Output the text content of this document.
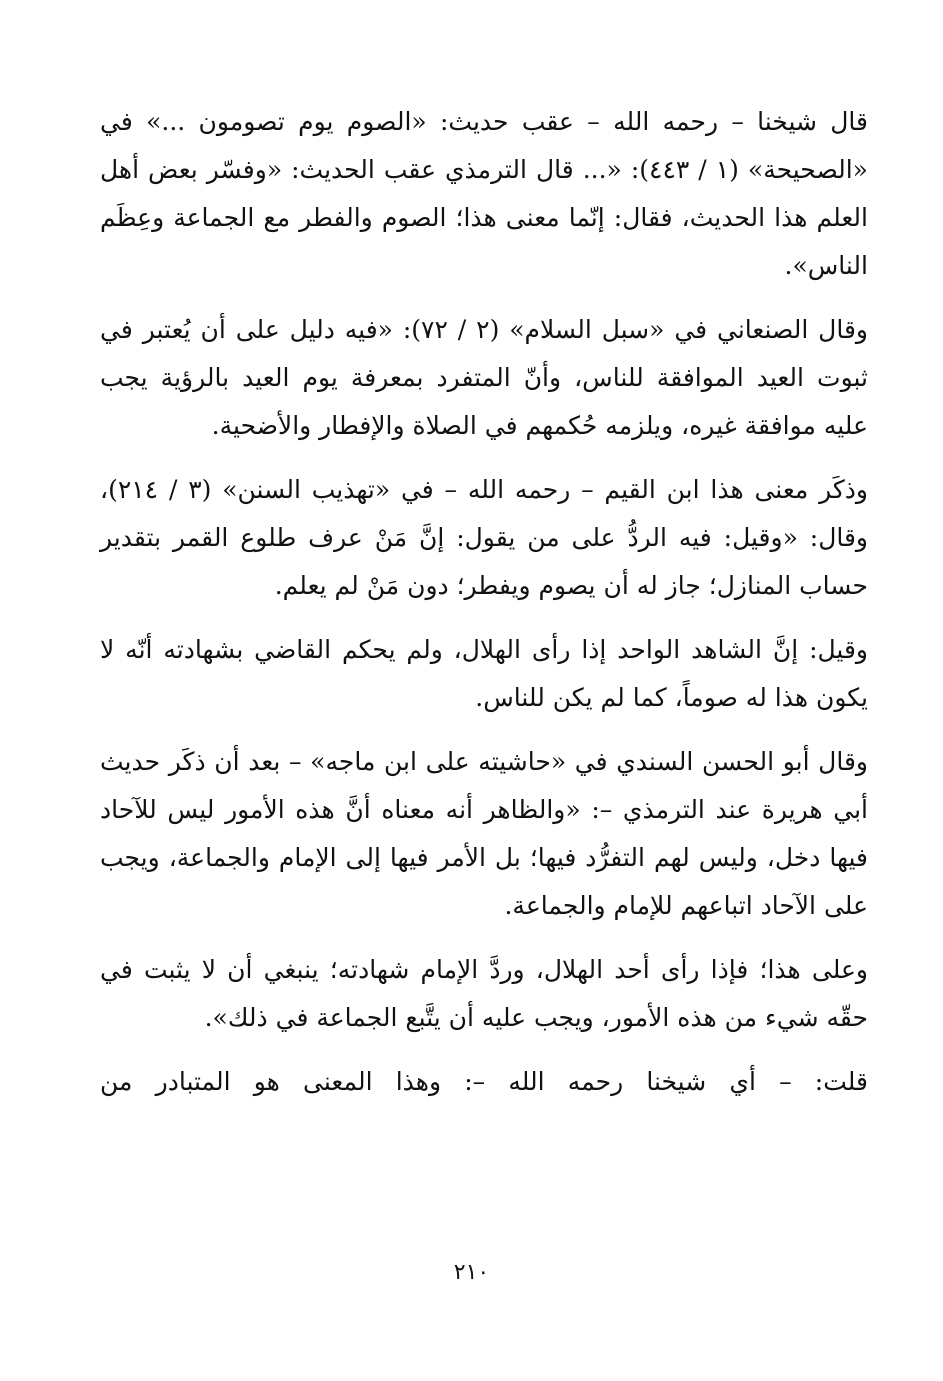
قال شيخنا – رحمه الله – عقب حديث: «الصوم يوم تصومون ...» في «الصحيحة» (١ / ٤٤٣): «... قال الترمذي عقب الحديث: «وفسّر بعض أهل العلم هذا الحديث، فقال: إنّما معنى هذا؛ الصوم والفطر مع الجماعة وعِظَم الناس».

وقال الصنعاني في «سبل السلام» (٢ / ٧٢): «فيه دليل على أن يُعتبر في ثبوت العيد الموافقة للناس، وأنّ المتفرد بمعرفة يوم العيد بالرؤية يجب عليه موافقة غيره، ويلزمه حُكمهم في الصلاة والإفطار والأضحية.

وذكَر معنى هذا ابن القيم – رحمه الله – في «تهذيب السنن» (٣ / ٢١٤)، وقال: «وقيل: فيه الردُّ على من يقول: إنَّ مَنْ عرف طلوع القمر بتقدير حساب المنازل؛ جاز له أن يصوم ويفطر؛ دون مَنْ لم يعلم.

وقيل: إنَّ الشاهد الواحد إذا رأى الهلال، ولم يحكم القاضي بشهادته أنّه لا يكون هذا له صوماً، كما لم يكن للناس.

وقال أبو الحسن السندي في «حاشيته على ابن ماجه» – بعد أن ذكَر حديث أبي هريرة عند الترمذي –: «والظاهر أنه معناه أنَّ هذه الأمور ليس للآحاد فيها دخل، وليس لهم التفرُّد فيها؛ بل الأمر فيها إلى الإمام والجماعة، ويجب على الآحاد اتباعهم للإمام والجماعة.

وعلى هذا؛ فإذا رأى أحد الهلال، وردَّ الإمام شهادته؛ ينبغي أن لا يثبت في حقّه شيء من هذه الأمور، ويجب عليه أن يتَّبع الجماعة في ذلك».

قلت: – أي شيخنا رحمه الله –: وهذا المعنى هو المتبادر من

٢١٠
